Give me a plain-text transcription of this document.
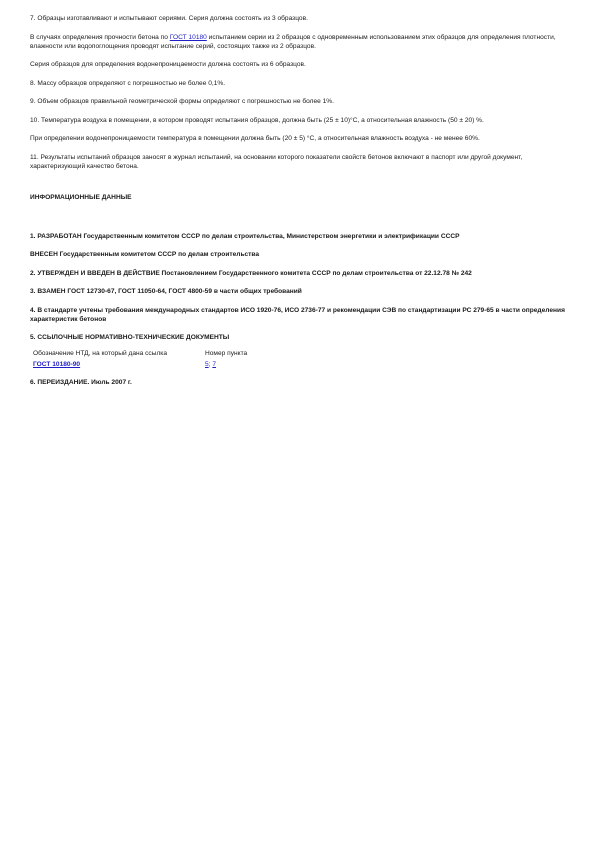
7. Образцы изготавливают и испытывают сериями. Серия должна состоять из 3 образцов.

В случаях определения прочности бетона по ГОСТ 10180 испытанием серии из 2 образцов с одновременным использованием этих образцов для определения плотности, влажности или водопоглощения проводят испытание серий, состоящих также из 2 образцов.

Серия образцов для определения водонепроницаемости должна состоять из 6 образцов.

8. Массу образцов определяют с погрешностью не более 0,1%.

9. Объем образцов правильной геометрической формы определяют с погрешностью не более 1%.

10. Температура воздуха в помещении, в котором проводят испытания образцов, должна быть (25 ± 10)°С, а относительная влажность (50 ± 20) %.

При определении водонепроницаемости температура в помещении должна быть (20 ± 5) °С, а относительная влажность воздуха - не менее 60%.

11. Результаты испытаний образцов заносят в журнал испытаний, на основании которого показатели свойств бетонов включают в паспорт или другой документ, характеризующий качество бетона.

ИНФОРМАЦИОННЫЕ ДАННЫЕ

1. РАЗРАБОТАН Государственным комитетом СССР по делам строительства, Министерством энергетики и электрификации СССР

ВНЕСЕН Государственным комитетом СССР по делам строительства

2. УТВЕРЖДЕН И ВВЕДЕН В ДЕЙСТВИЕ Постановлением Государственного комитета СССР по делам строительства от 22.12.78 № 242

3. ВЗАМЕН ГОСТ 12730-67, ГОСТ 11050-64, ГОСТ 4800-59 в части общих требований

4. В стандарте учтены требования международных стандартов ИСО 1920-76, ИСО 2736-77 и рекомендации СЭВ по стандартизации РС 279-65 в части определения характеристик бетонов

5. ССЫЛОЧНЫЕ НОРМАТИВНО-ТЕХНИЧЕСКИЕ ДОКУМЕНТЫ

Обозначение НТД, на который дана ссылка	Номер пункта
ГОСТ 10180-90	5; 7

6. ПЕРЕИЗДАНИЕ. Июль 2007 г.
